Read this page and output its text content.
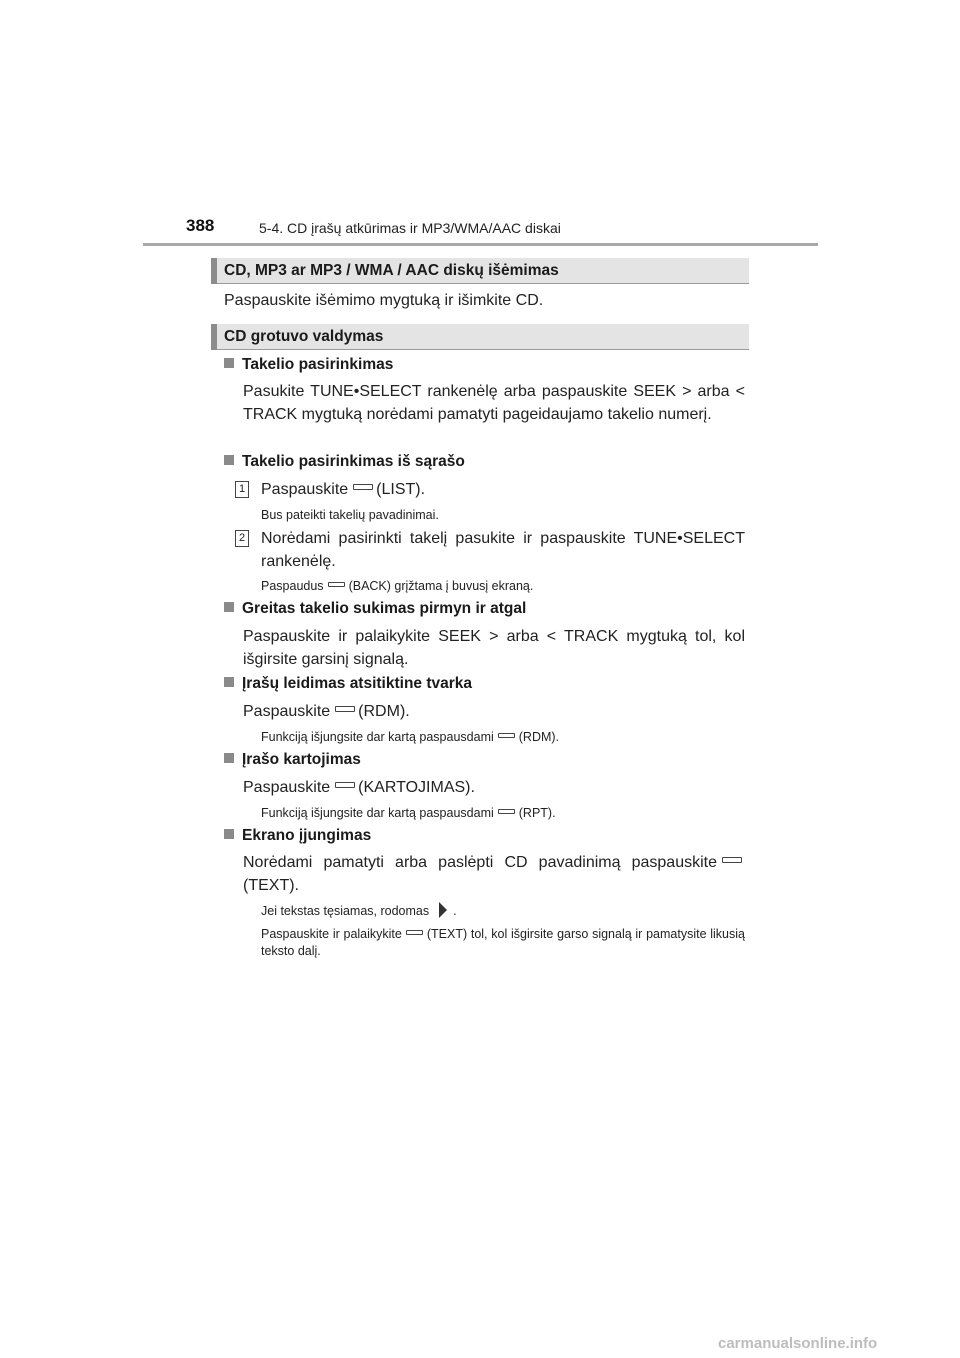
388	5-4. CD įrašų atkūrimas ir MP3/WMA/AAC diskai
CD, MP3 ar MP3 / WMA / AAC diskų išėmimas
Paspauskite išėmimo mygtuką ir išimkite CD.
CD grotuvo valdymas
Takelio pasirinkimas
Pasukite TUNE•SELECT rankenėlę arba paspauskite SEEK > arba < TRACK mygtuką norėdami pamatyti pageidaujamo takelio numerį.
Takelio pasirinkimas iš sąrašo
1 Paspauskite (LIST).
Bus pateikti takelių pavadinimai.
2 Norėdami pasirinkti takelį pasukite ir paspauskite TUNE•SELECT rankenėlę.
Paspaudus (BACK) grįžtama į buvusį ekraną.
Greitas takelio sukimas pirmyn ir atgal
Paspauskite ir palaikykite SEEK > arba < TRACK mygtuką tol, kol išgirsite garsinį signalą.
Įrašų leidimas atsitiktine tvarka
Paspauskite (RDM).
Funkciją išjungsite dar kartą paspausdami (RDM).
Įrašo kartojimas
Paspauskite (KARTOJIMAS).
Funkciją išjungsite dar kartą paspausdami (RPT).
Ekrano įjungimas
Norėdami pamatyti arba paslėpti CD pavadinimą paspauskite(TEXT).
Jei tekstas tęsiamas, rodomas .
Paspauskite ir palaikykite (TEXT) tol, kol išgirsite garso signalą ir pamatysite likusią teksto dalį.
carmanualsonline.info
